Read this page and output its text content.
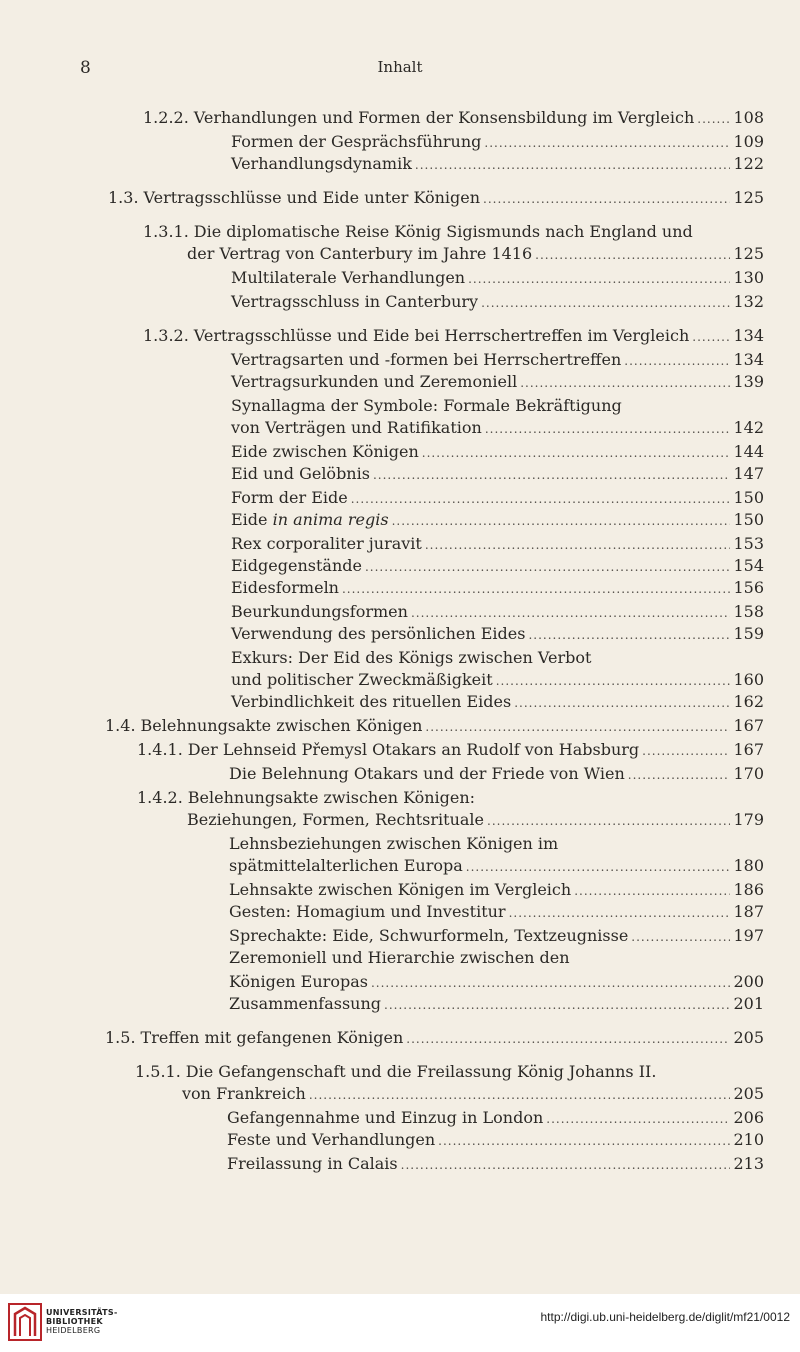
8	Inhalt
1.2.2. Verhandlungen und Formen der Konsensbildung im Vergleich ..... 108
Formen der Gesprächsführung .....	109
Verhandlungsdynamik .....	122
1.3. Vertragsschlüsse und Eide unter Königen .....	125
1.3.1. Die diplomatische Reise König Sigismunds nach England und
der Vertrag von Canterbury im Jahre 1416 .....	125
Multilaterale Verhandlungen .....	130
Vertragsschluss in Canterbury .....	132
1.3.2. Vertragsschlüsse und Eide bei Herrschertreffen im Vergleich .....	134
Vertragsarten und -formen bei Herrschertreffen .....	134
Vertragsurkunden und Zeremoniell .....	139
Synallagma der Symbole: Formale Bekräftigung
von Verträgen und Ratifikation .....	142
Eide zwischen Königen .....	144
Eid und Gelöbnis .....	147
Form der Eide .....	150
Eide in anima regis .....	150
Rex corporaliter juravit .....	153
Eidgegenstände .....	154
Eidesformeln .....	156
Beurkundungsformen .....	158
Verwendung des persönlichen Eides .....	159
Exkurs: Der Eid des Königs zwischen Verbot
und politischer Zweckmäßigkeit .....	160
Verbindlichkeit des rituellen Eides .....	162
1.4. Belehnungsakte zwischen Königen .....	167
1.4.1. Der Lehnseid Přemysl Otakars an Rudolf von Habsburg .....	167
Die Belehnung Otakars und der Friede von Wien .....	170
1.4.2. Belehnungsakte zwischen Königen:
Beziehungen, Formen, Rechtsrituale .....	179
Lehnsbeziehungen zwischen Königen im
spätmittelalterlichen Europa .....	180
Lehnsakte zwischen Königen im Vergleich .....	186
Gesten: Homagium und Investitur .....	187
Sprechakte: Eide, Schwurformeln, Textzeugnisse .....	197
Zeremoniell und Hierarchie zwischen den
Königen Europas .....	200
Zusammenfassung .....	201
1.5. Treffen mit gefangenen Königen .....	205
1.5.1. Die Gefangenschaft und die Freilassung König Johanns II.
von Frankreich .....	205
Gefangennahme und Einzug in London .....	206
Feste und Verhandlungen .....	210
Freilassung in Calais .....	213
UNIVERSITÄTS-
BIBLIOTHEK
HEIDELBERG
http://digi.ub.uni-heidelberg.de/diglit/mf21/0012
